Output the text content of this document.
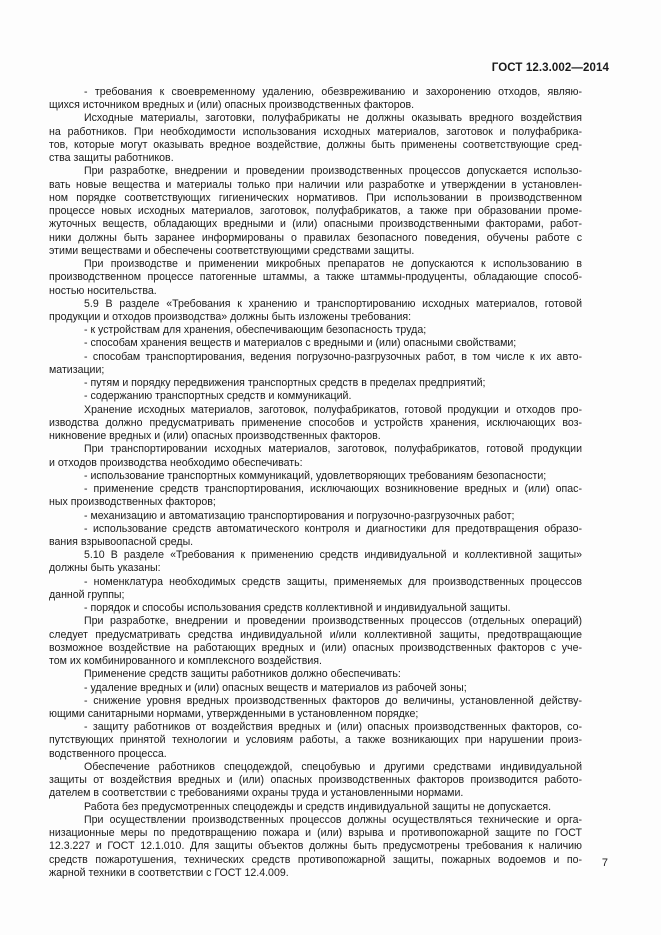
ГОСТ 12.3.002—2014
- требования к своевременному удалению, обезвреживанию и захоронению отходов, являю-
щихся источником вредных и (или) опасных производственных факторов.
Исходные материалы, заготовки, полуфабрикаты не должны оказывать вредного воздействия
на работников. При необходимости использования исходных материалов, заготовок и полуфабрика-
тов, которые могут оказывать вредное воздействие, должны быть применены соответствующие сред-
ства защиты работников.
При разработке, внедрении и проведении производственных процессов допускается использо-
вать новые вещества и материалы только при наличии или разработке и утверждении в установлен-
ном порядке соответствующих гигиенических нормативов. При использовании в производственном
процессе новых исходных материалов, заготовок, полуфабрикатов, а также при образовании проме-
жуточных веществ, обладающих вредными и (или) опасными производственными факторами, работ-
ники должны быть заранее информированы о правилах безопасного поведения, обучены работе с
этими веществами и обеспечены соответствующими средствами защиты.
При производстве и применении микробных препаратов не допускаются к использованию в
производственном процессе патогенные штаммы, а также штаммы-продуценты, обладающие способ-
ностью носительства.
5.9 В разделе «Требования к хранению и транспортированию исходных материалов, готовой
продукции и отходов производства» должны быть изложены требования:
- к устройствам для хранения, обеспечивающим безопасность труда;
- способам хранения веществ и материалов с вредными и (или) опасными свойствами;
- способам транспортирования, ведения погрузочно-разгрузочных работ, в том числе к их авто-
матизации;
- путям и порядку передвижения транспортных средств в пределах предприятий;
- содержанию транспортных средств и коммуникаций.
Хранение исходных материалов, заготовок, полуфабрикатов, готовой продукции и отходов про-
изводства должно предусматривать применение способов и устройств хранения, исключающих воз-
никновение вредных и (или) опасных производственных факторов.
При транспортировании исходных материалов, заготовок, полуфабрикатов, готовой продукции
и отходов производства необходимо обеспечивать:
- использование транспортных коммуникаций, удовлетворяющих требованиям безопасности;
- применение средств транспортирования, исключающих возникновение вредных и (или) опас-
ных производственных факторов;
- механизацию и автоматизацию транспортирования и погрузочно-разгрузочных работ;
- использование средств автоматического контроля и диагностики для предотвращения образо-
вания взрывоопасной среды.
5.10 В разделе «Требования к применению средств индивидуальной и коллективной защиты»
должны быть указаны:
- номенклатура необходимых средств защиты, применяемых для производственных процессов
данной группы;
- порядок и способы использования средств коллективной и индивидуальной защиты.
При разработке, внедрении и проведении производственных процессов (отдельных операций)
следует предусматривать средства индивидуальной и/или коллективной защиты, предотвращающие
возможное воздействие на работающих вредных и (или) опасных производственных факторов с уче-
том их комбинированного и комплексного воздействия.
Применение средств защиты работников должно обеспечивать:
- удаление вредных и (или) опасных веществ и материалов из рабочей зоны;
- снижение уровня вредных производственных факторов до величины, установленной действу-
ющими санитарными нормами, утвержденными в установленном порядке;
- защиту работников от воздействия вредных и (или) опасных производственных факторов, со-
путствующих принятой технологии и условиям работы, а также возникающих при нарушении произ-
водственного процесса.
Обеспечение работников спецодеждой, спецобувью и другими средствами индивидуальной
защиты от воздействия вредных и (или) опасных производственных факторов производится работо-
дателем в соответствии с требованиями охраны труда и установленными нормами.
Работа без предусмотренных спецодежды и средств индивидуальной защиты не допускается.
При осуществлении производственных процессов должны осуществляться технические и орга-
низационные меры по предотвращению пожара и (или) взрыва и противопожарной защите по ГОСТ
12.3.227 и ГОСТ 12.1.010. Для защиты объектов должны быть предусмотрены требования к наличию
средств пожаротушения, технических средств противопожарной защиты, пожарных водоемов и по-
жарной техники в соответствии с ГОСТ 12.4.009.
7
